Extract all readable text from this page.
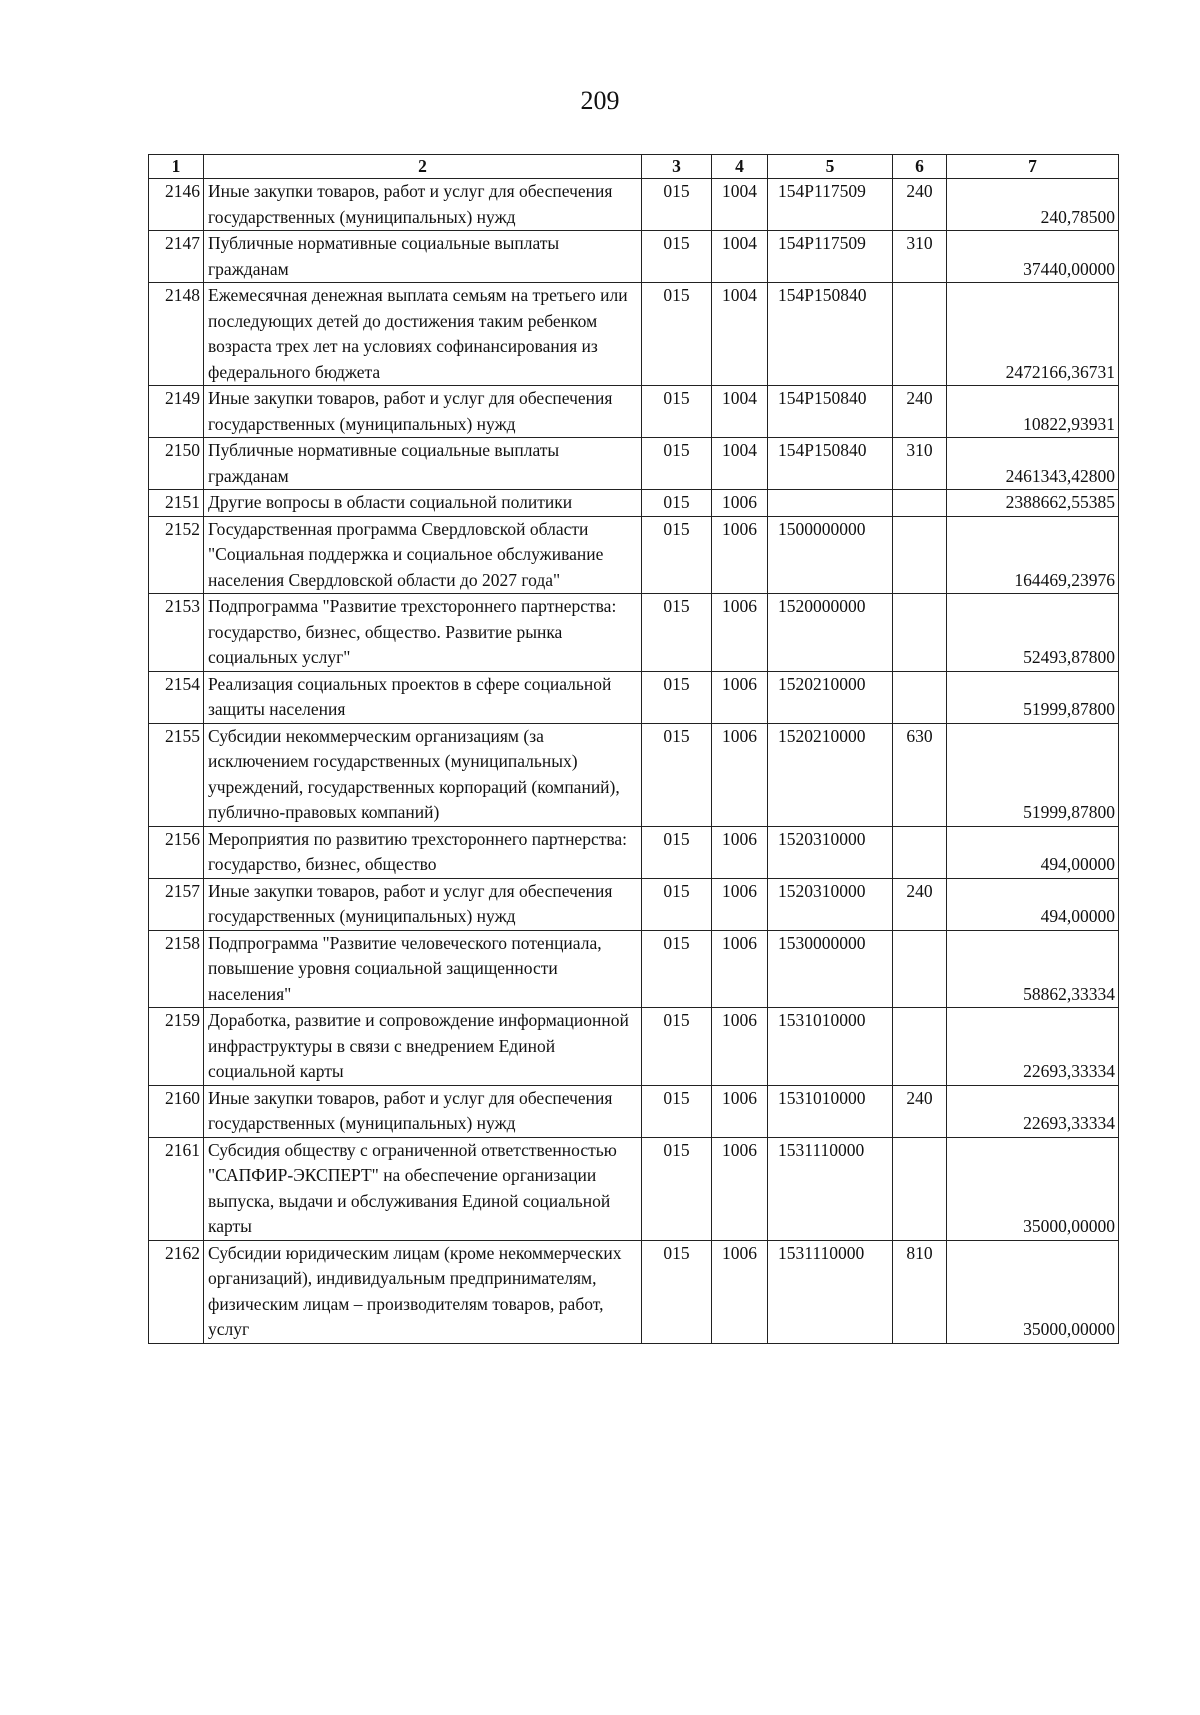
209
1	2	3	4	5	6	7
2146	Иные закупки товаров, работ и услуг для обеспечения государственных (муниципальных) нужд	015	1004	154P117509	240	240,78500
2147	Публичные нормативные социальные выплаты гражданам	015	1004	154P117509	310	37440,00000
2148	Ежемесячная денежная выплата семьям на третьего или последующих детей до достижения таким ребенком возраста трех лет на условиях софинансирования из федерального бюджета	015	1004	154P150840		2472166,36731
2149	Иные закупки товаров, работ и услуг для обеспечения государственных (муниципальных) нужд	015	1004	154P150840	240	10822,93931
2150	Публичные нормативные социальные выплаты гражданам	015	1004	154P150840	310	2461343,42800
2151	Другие вопросы в области социальной политики	015	1006			2388662,55385
2152	Государственная программа Свердловской области "Социальная поддержка и социальное обслуживание населения Свердловской области до 2027 года"	015	1006	1500000000		164469,23976
2153	Подпрограмма "Развитие трехстороннего партнерства: государство, бизнес, общество. Развитие рынка социальных услуг"	015	1006	1520000000		52493,87800
2154	Реализация социальных проектов в сфере социальной защиты населения	015	1006	1520210000		51999,87800
2155	Субсидии некоммерческим организациям (за исключением государственных (муниципальных) учреждений, государственных корпораций (компаний), публично-правовых компаний)	015	1006	1520210000	630	51999,87800
2156	Мероприятия по развитию трехстороннего партнерства: государство, бизнес, общество	015	1006	1520310000		494,00000
2157	Иные закупки товаров, работ и услуг для обеспечения государственных (муниципальных) нужд	015	1006	1520310000	240	494,00000
2158	Подпрограмма "Развитие человеческого потенциала, повышение уровня социальной защищенности населения"	015	1006	1530000000		58862,33334
2159	Доработка, развитие и сопровождение информационной инфраструктуры в связи с внедрением Единой социальной карты	015	1006	1531010000		22693,33334
2160	Иные закупки товаров, работ и услуг для обеспечения государственных (муниципальных) нужд	015	1006	1531010000	240	22693,33334
2161	Субсидия обществу с ограниченной ответственностью "САПФИР-ЭКСПЕРТ" на обеспечение организации выпуска, выдачи и обслуживания Единой социальной карты	015	1006	1531110000		35000,00000
2162	Субсидии юридическим лицам (кроме некоммерческих организаций), индивидуальным предпринимателям, физическим лицам – производителям товаров, работ, услуг	015	1006	1531110000	810	35000,00000
